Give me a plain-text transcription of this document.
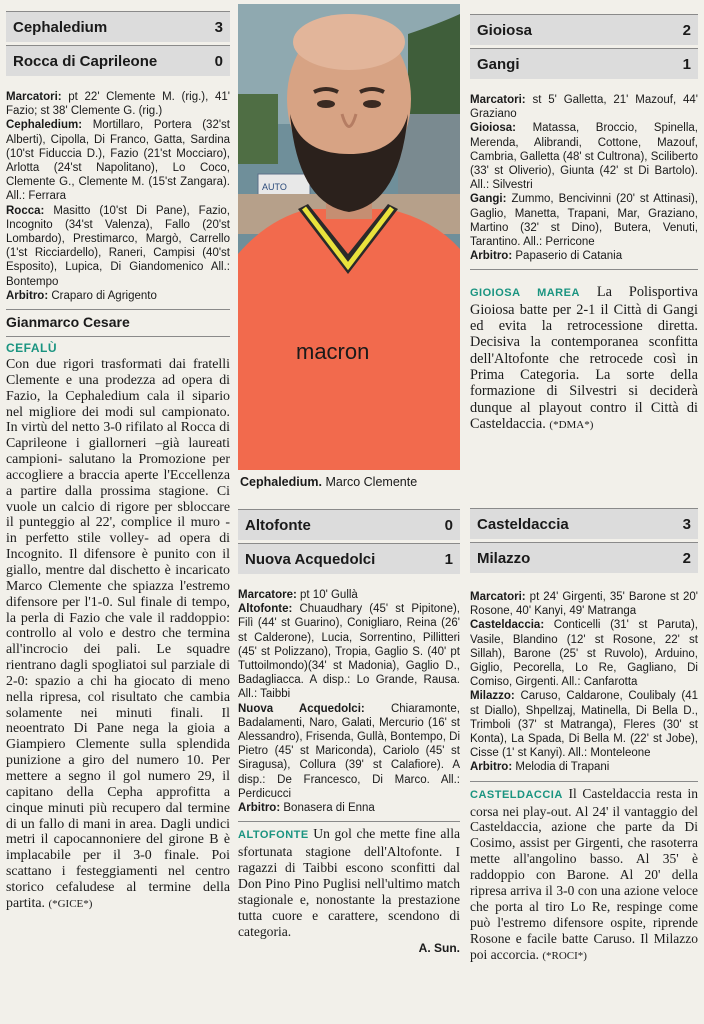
Cephaledium	3
Rocca di Caprileone	0

Marcatori: pt 22' Clemente M. (rig.), 41' Fazio; st 38' Clemente G. (rig.)

Cephaledium: Mortillaro, Portera (32'st Alberti), Cipolla, Di Franco, Gatta, Sardina (10'st Fiduccia D.), Fazio (21'st Mocciaro), Arlotta (24'st Napolitano), Lo Coco, Clemente G., Clemente M. (15'st Zangara). All.: Ferrara

Rocca: Masitto (10'st Di Pane), Fazio, Incognito (34'st Valenza), Fallo (20'st Lombardo), Prestimarco, Margò, Carrello (1'st Ricciardello), Raneri, Campisi (40'st Esposito), Lupica, Di Giandomenico All.: Bontempo

Arbitro: Craparo di Agrigento

Gianmarco Cesare
CEFALÙ

Con due rigori trasformati dai fratelli Clemente e una prodezza ad opera di Fazio, la Cephaledium cala il sipario nel migliore dei modi sul campionato. In virtù del netto 3-0 rifilato al Rocca di Caprileone i giallorneri –già laureati campioni- salutano la Promozione per accogliere a braccia aperte l'Eccellenza a partire dalla prossima stagione. Ci vuole un calcio di rigore per sbloccare il punteggio al 22', complice il muro - in perfetto stile volley- ad opera di Incognito. Il difensore è punito con il giallo, mentre dal dischetto è incaricato Marco Clemente che spiazza l'estremo difensore per l'1-0. Sul finale di tempo, la perla di Fazio che vale il raddoppio: controllo al volo e destro che termina all'incrocio dei pali. Le squadre rientrano dagli spogliatoi sul parziale di 2-0: spazio a chi ha giocato di meno nella ripresa, col risultato che cambia solamente nei minuti finali. Il neoentrato Di Pane nega la gioia a Giampiero Clemente sulla splendida punizione a giro del numero 10. Per mettere a segno il gol numero 29, il capitano della Cepha approfitta a cinque minuti più recupero dal termine di un fallo di mani in area. Dagli undici metri il capocannoniere del girone B è implacabile per il 3-0 finale. Poi scattano i festeggiamenti nel centro storico cefaludese al termine della partita. (*GICE*)

AUTO
macron
Cephaledium. Marco Clemente
Altofonte	0
Nuova Acquedolci	1

Marcatore: pt 10' Gullà

Altofonte: Chuaudhary (45' st Pipitone), Filì (44' st Guarino), Conigliaro, Reina (26' st Calderone), Lucia, Sorrentino, Pillitteri (45' st Polizzano), Tropia, Gaglio S. (40' pt Tuttoilmondo)(34' st Madonia), Gaglio D., Badagliacca. A disp.: Lo Grande, Rausa. All.: Taibbi

Nuova Acquedolci: Chiaramonte, Badalamenti, Naro, Galati, Mercurio (16' st Alessandro), Frisenda, Gullà, Bontempo, Di Pietro (45' st Mariconda), Cariolo (45' st Siragusa), Collura (39' st Calafiore). A disp.: De Francesco, Di Marco. All.: Perdicucci

Arbitro: Bonasera di Enna

ALTOFONTE Un gol che mette fine alla sfortunata stagione dell'Altofonte. I ragazzi di Taibbi escono sconfitti dal Don Pino Pino Puglisi nell'ultimo match stagionale e, nonostante la prestazione tutta cuore e carattere, scendono di categoria.

A. Sun.
Gioiosa	2
Gangi	1

Marcatori: st 5' Galletta, 21' Mazouf, 44' Graziano

Gioiosa: Matassa, Broccio, Spinella, Merenda, Alibrandi, Cottone, Mazouf, Cambria, Galletta (48' st Cultrona), Sciliberto (33' st Oliverio), Giunta (42' st Di Bartolo). All.: Silvestri

Gangi: Zummo, Bencivinni (20' st Attinasi), Gaglio, Manetta, Trapani, Mar, Graziano, Martino (32' st Dino), Butera, Venuti, Tarantino. All.: Perricone

Arbitro: Papaserio di Catania

GIOIOSA MAREA La Polisportiva Gioiosa batte per 2-1 il Città di Gangi ed evita la retrocessione diretta. Decisiva la contemporanea sconfitta dell'Altofonte che retrocede così in Prima Categoria. La sorte della formazione di Silvestri si deciderà dunque al playout contro il Città di Casteldaccia. (*DMA*)

Casteldaccia	3
Milazzo	2

Marcatori: pt 24' Girgenti, 35' Barone st 20' Rosone, 40' Kanyi, 49' Matranga

Casteldaccia: Conticelli (31' st Paruta), Vasile, Blandino (12' st Rosone, 22' st Sillah), Barone (25' st Ruvolo), Arduino, Giglio, Pecorella, Lo Re, Gagliano, Di Comiso, Girgenti. All.: Canfarotta

Milazzo: Caruso, Caldarone, Coulibaly (41 st Diallo), Shpellzaj, Matinella, Di Bella D., Trimboli (37' st Matranga), Fleres (30' st Konta), La Spada, Di Bella M. (22' st Jobe), Cisse (1' st Kanyi). All.: Monteleone

Arbitro: Melodia di Trapani

CASTELDACCIA Il Casteldaccia resta in corsa nei play-out. Al 24' il vantaggio del Casteldaccia, azione che parte da Di Cosimo, assist per Girgenti, che rasoterra mette all'angolino basso. Al 35' è raddoppio con Barone. Al 20' della ripresa arriva il 3-0 con una azione veloce che porta al tiro Lo Re, respinge come può l'estremo difensore ospite, riprende Rosone e facile batte Caruso. Il Milazzo poi accorcia. (*ROCI*)
